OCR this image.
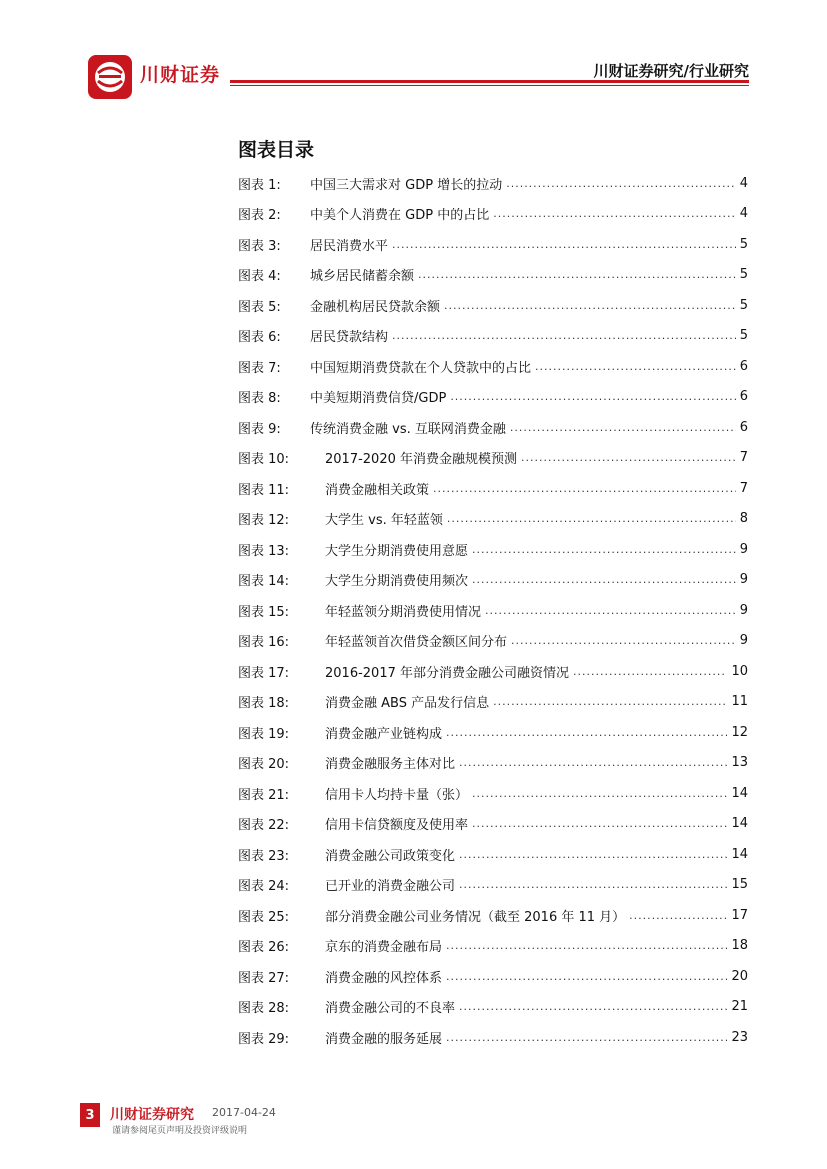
川财证券	川财证券研究/行业研究
图表目录
图表 1:	中国三大需求对 GDP 增长的拉动 .....	4
图表 2:	中美个人消费在 GDP 中的占比 .....	4
图表 3:	居民消费水平 .....	5
图表 4:	城乡居民储蓄余额 .....	5
图表 5:	金融机构居民贷款余额 .....	5
图表 6:	居民贷款结构 .....	5
图表 7:	中国短期消费贷款在个人贷款中的占比 .....	6
图表 8:	中美短期消费信贷/GDP .....	6
图表 9:	传统消费金融 vs. 互联网消费金融 .....	6
图表 10:	2017-2020 年消费金融规模预测 .....	7
图表 11:	消费金融相关政策 .....	7
图表 12:	大学生 vs. 年轻蓝领 .....	8
图表 13:	大学生分期消费使用意愿 .....	9
图表 14:	大学生分期消费使用频次 .....	9
图表 15:	年轻蓝领分期消费使用情况 .....	9
图表 16:	年轻蓝领首次借贷金额区间分布 .....	9
图表 17:	2016-2017 年部分消费金融公司融资情况 .....	10
图表 18:	消费金融 ABS 产品发行信息 .....	11
图表 19:	消费金融产业链构成 .....	12
图表 20:	消费金融服务主体对比 .....	13
图表 21:	信用卡人均持卡量（张） .....	14
图表 22:	信用卡信贷额度及使用率 .....	14
图表 23:	消费金融公司政策变化 .....	14
图表 24:	已开业的消费金融公司 .....	15
图表 25:	部分消费金融公司业务情况（截至 2016 年 11 月） .....	17
图表 26:	京东的消费金融布局 .....	18
图表 27:	消费金融的风控体系 .....	20
图表 28:	消费金融公司的不良率 .....	21
图表 29:	消费金融的服务延展 .....	23
3	川财证券研究 2017-04-24
谨请参阅尾页声明及投资评级说明
